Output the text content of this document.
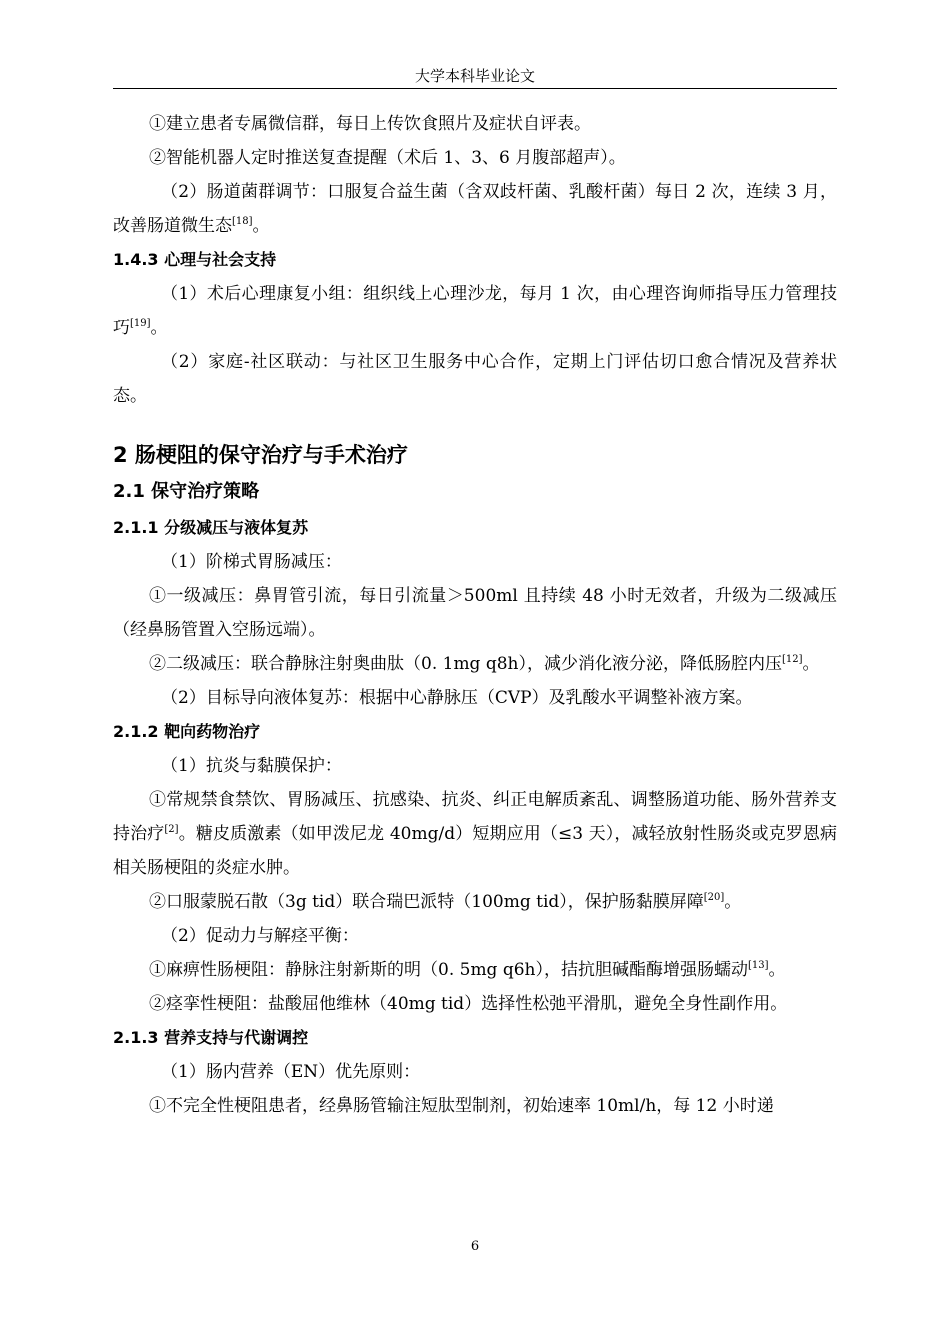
大学本科毕业论文

①建立患者专属微信群，每日上传饮食照片及症状自评表。

②智能机器人定时推送复查提醒（术后 1、3、6 月腹部超声）。

（2）肠道菌群调节：口服复合益生菌（含双歧杆菌、乳酸杆菌）每日 2 次，连续 3 月，改善肠道微生态[18]。

1.4.3 心理与社会支持

（1）术后心理康复小组：组织线上心理沙龙，每月 1 次，由心理咨询师指导压力管理技巧[19]。

（2）家庭-社区联动：与社区卫生服务中心合作，定期上门评估切口愈合情况及营养状态。

2 肠梗阻的保守治疗与手术治疗
2.1 保守治疗策略
2.1.1 分级减压与液体复苏

（1）阶梯式胃肠减压：

①一级减压：鼻胃管引流，每日引流量＞500ml 且持续 48 小时无效者，升级为二级减压（经鼻肠管置入空肠远端）。

②二级减压：联合静脉注射奥曲肽（0. 1mg q8h），减少消化液分泌，降低肠腔内压[12]。

（2）目标导向液体复苏：根据中心静脉压（CVP）及乳酸水平调整补液方案。

2.1.2 靶向药物治疗

（1）抗炎与黏膜保护：

①常规禁食禁饮、胃肠减压、抗感染、抗炎、纠正电解质紊乱、调整肠道功能、肠外营养支持治疗[2]。糖皮质激素（如甲泼尼龙 40mg/d）短期应用（≤3 天），减轻放射性肠炎或克罗恩病相关肠梗阻的炎症水肿。

②口服蒙脱石散（3g tid）联合瑞巴派特（100mg tid），保护肠黏膜屏障[20]。

（2）促动力与解痉平衡：

①麻痹性肠梗阻：静脉注射新斯的明（0. 5mg q6h），拮抗胆碱酯酶增强肠蠕动[13]。

②痉挛性梗阻：盐酸屈他维林（40mg tid）选择性松弛平滑肌，避免全身性副作用。

2.1.3 营养支持与代谢调控

（1）肠内营养（EN）优先原则：

①不完全性梗阻患者，经鼻肠管输注短肽型制剂，初始速率 10ml/h，每 12 小时递

6
